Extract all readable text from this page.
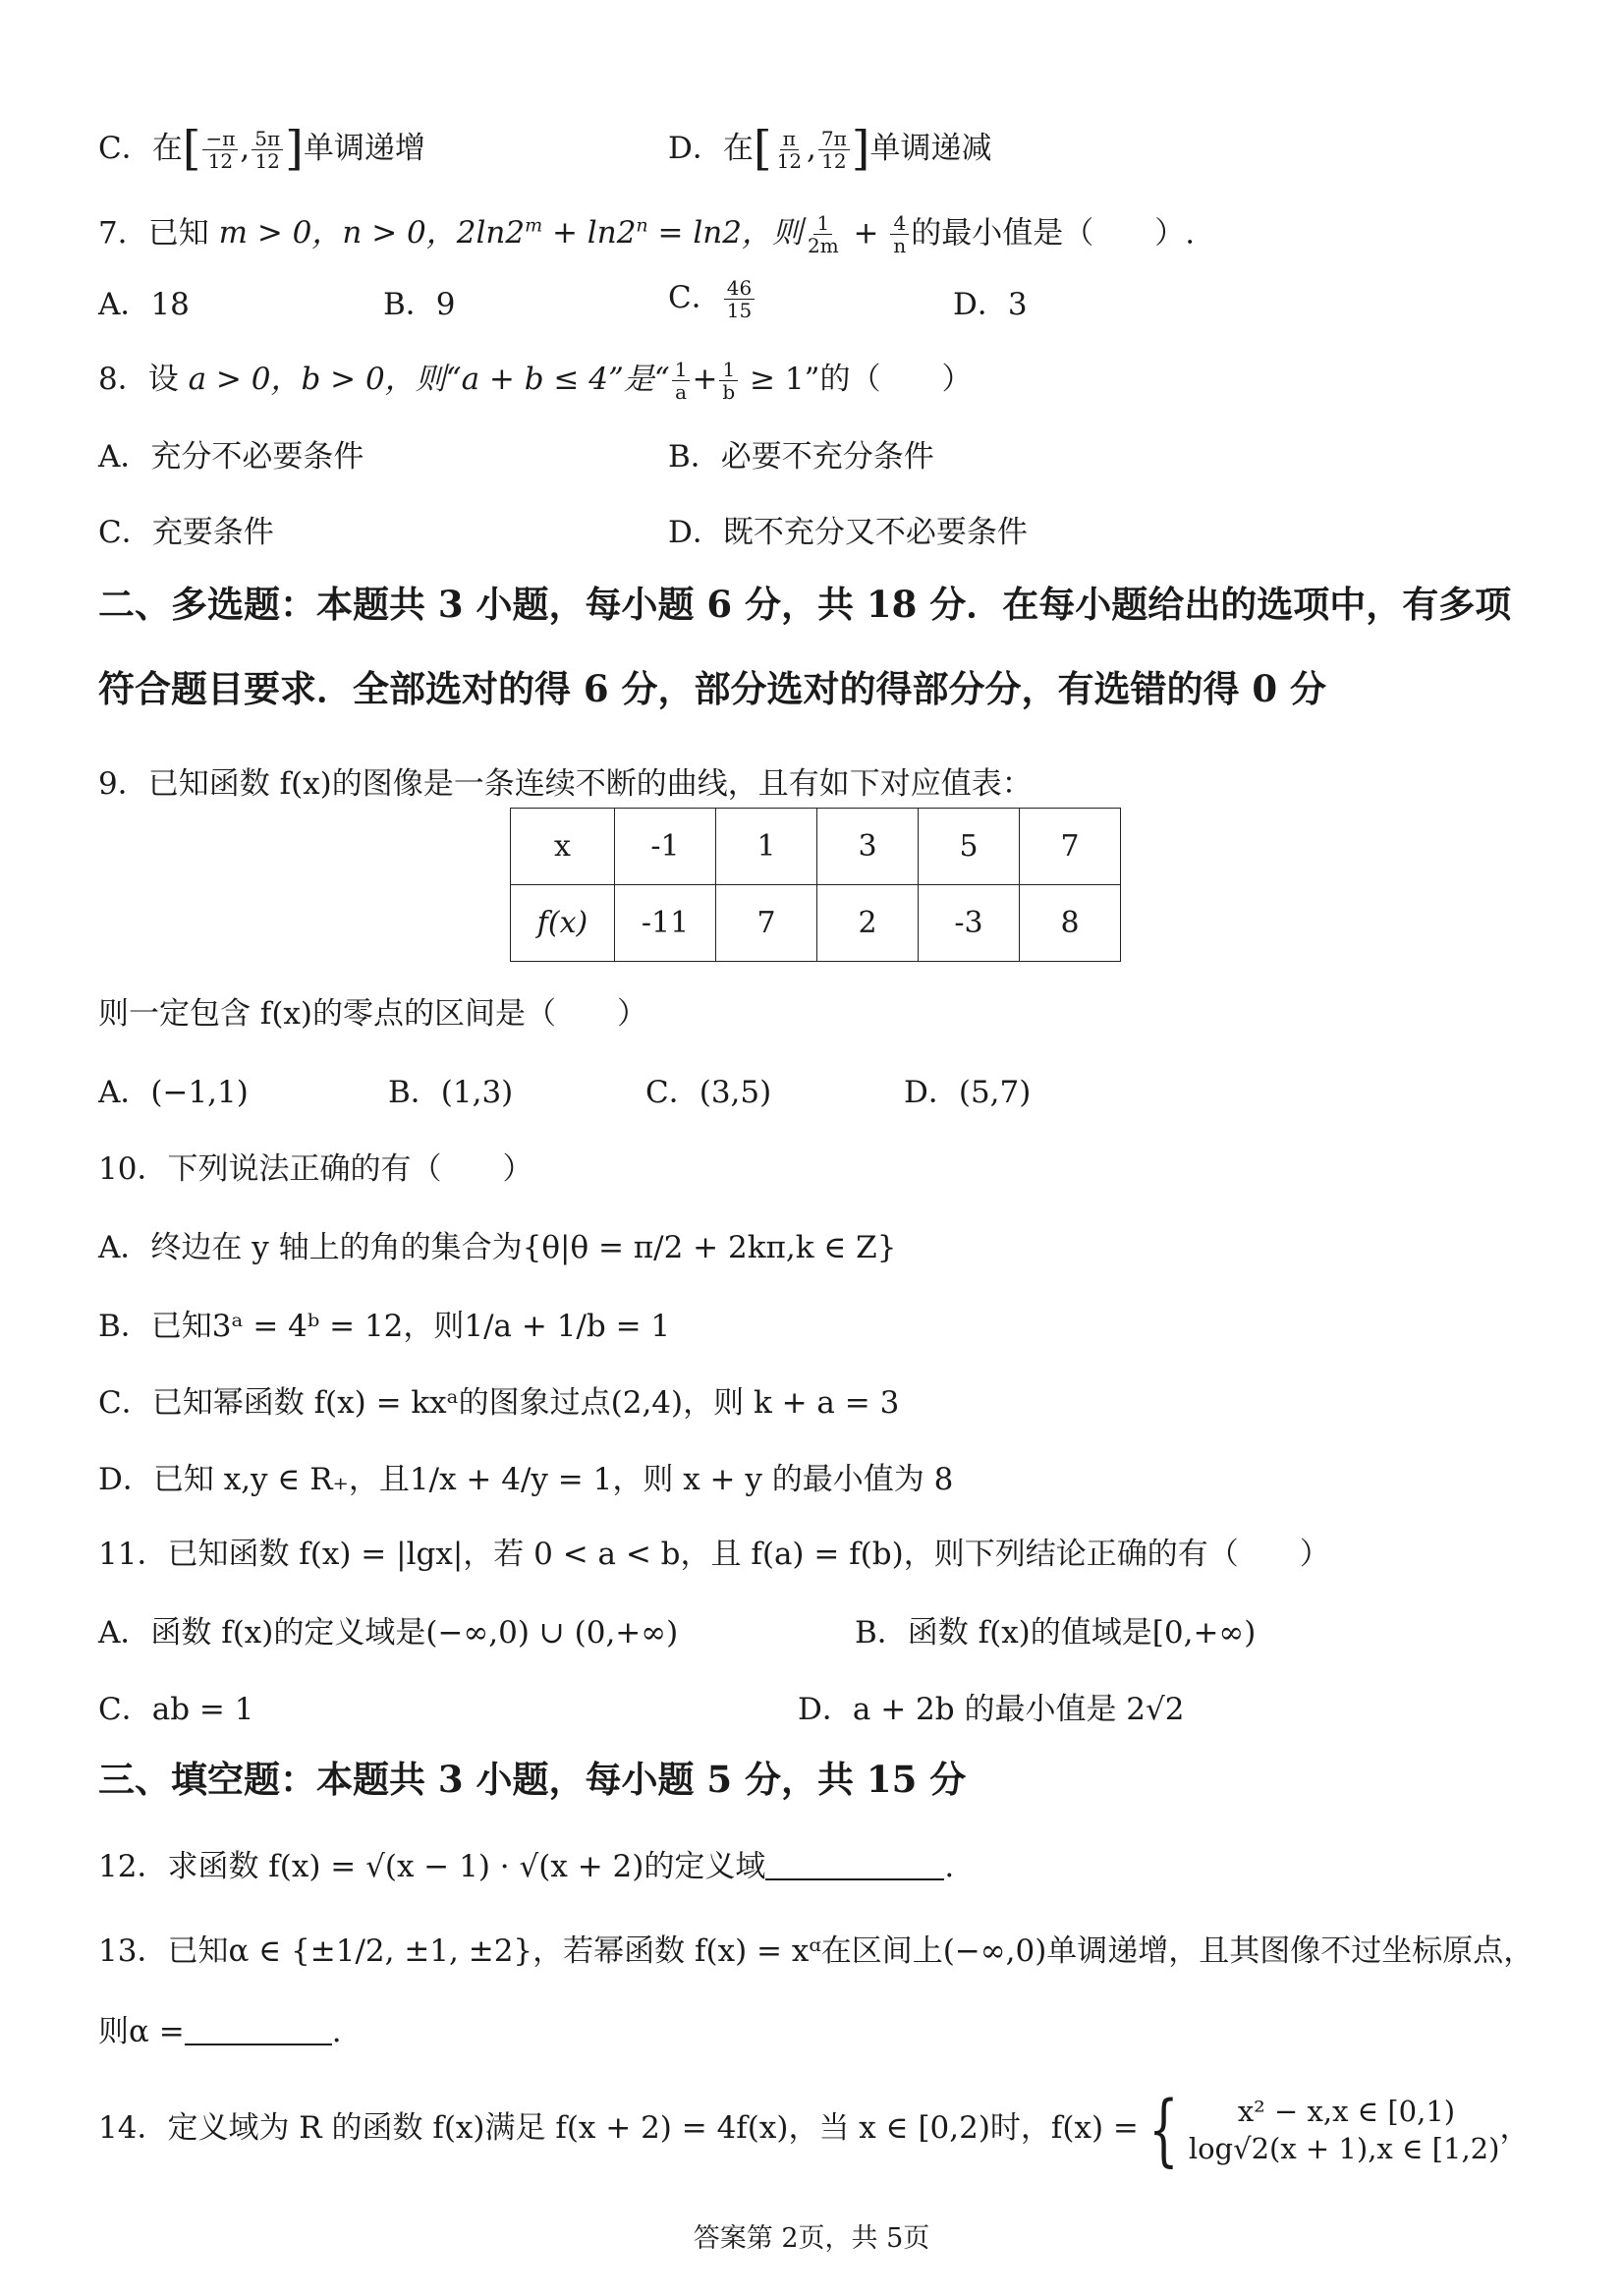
C．在[ $\frac{-\pi}{12}$ , $\frac{5\pi}{12}$ ]单调递增	D．在[ $\frac{\pi}{12}$ , $\frac{7\pi}{12}$ ]单调递减
7．已知 m > 0，n > 0，$2\ln 2^m + \ln 2^n = \ln 2$，则 $\frac{1}{2m} + \frac{4}{n}$ 的最小值是（　　）.
A．18	B．9	C． $\frac{46}{15}$	D．3
8．设 a > 0，b > 0，则“a + b ≤ 4”是“ $\frac{1}{a} + \frac{1}{b} \ge 1$”的（　　）
A．充分不必要条件	B．必要不充分条件
C．充要条件	D．既不充分又不必要条件
二、多选题：本题共 3 小题，每小题 6 分，共 18 分．在每小题给出的选项中，有多项
符合题目要求．全部选对的得 6 分，部分选对的得部分分，有选错的得 0 分
9．已知函数 f(x)的图像是一条连续不断的曲线，且有如下对应值表：
x	-1	1	3	5	7
f(x)	-11	7	2	-3	8
则一定包含 f(x)的零点的区间是（　　）
A．(−1,1)	B．(1,3)	C．(3,5)	D．(5,7)
10．下列说法正确的有（　　）
A．终边在 y 轴上的角的集合为{θ|θ = π/2 + 2kπ,k ∈ Z}
B．已知3ᵃ = 4ᵇ = 12，则1/a + 1/b = 1
C．已知幂函数 f(x) = kxᵃ的图象过点(2,4)，则 k + a = 3
D．已知 x,y ∈ R₊，且1/x + 4/y = 1，则 x + y 的最小值为 8
11．已知函数 f(x) = |lgx|，若 0 < a < b，且 f(a) = f(b)，则下列结论正确的有（　　）
A．函数 f(x)的定义域是(−∞,0) ∪ (0,+∞)	B．函数 f(x)的值域是[0,+∞)
C．ab = 1	D．a + 2b 的最小值是 2√2
三、填空题：本题共 3 小题，每小题 5 分，共 15 分
12．求函数 f(x) = √(x − 1) · √(x + 2)的定义域	.
13．已知α ∈ {±1/2, ±1, ±2}，若幂函数 f(x) = xᵅ在区间上(−∞,0)单调递增，且其图像不过坐标原点，
则α =	.
14．定义域为 R 的函数 f(x)满足 f(x + 2) = 4f(x)，当 x ∈ [0,2)时，f(x) = {	x² − x,x ∈ [0,1)
log√2(x + 1),x ∈ [1,2)
，
答案第 2页，共 5页
